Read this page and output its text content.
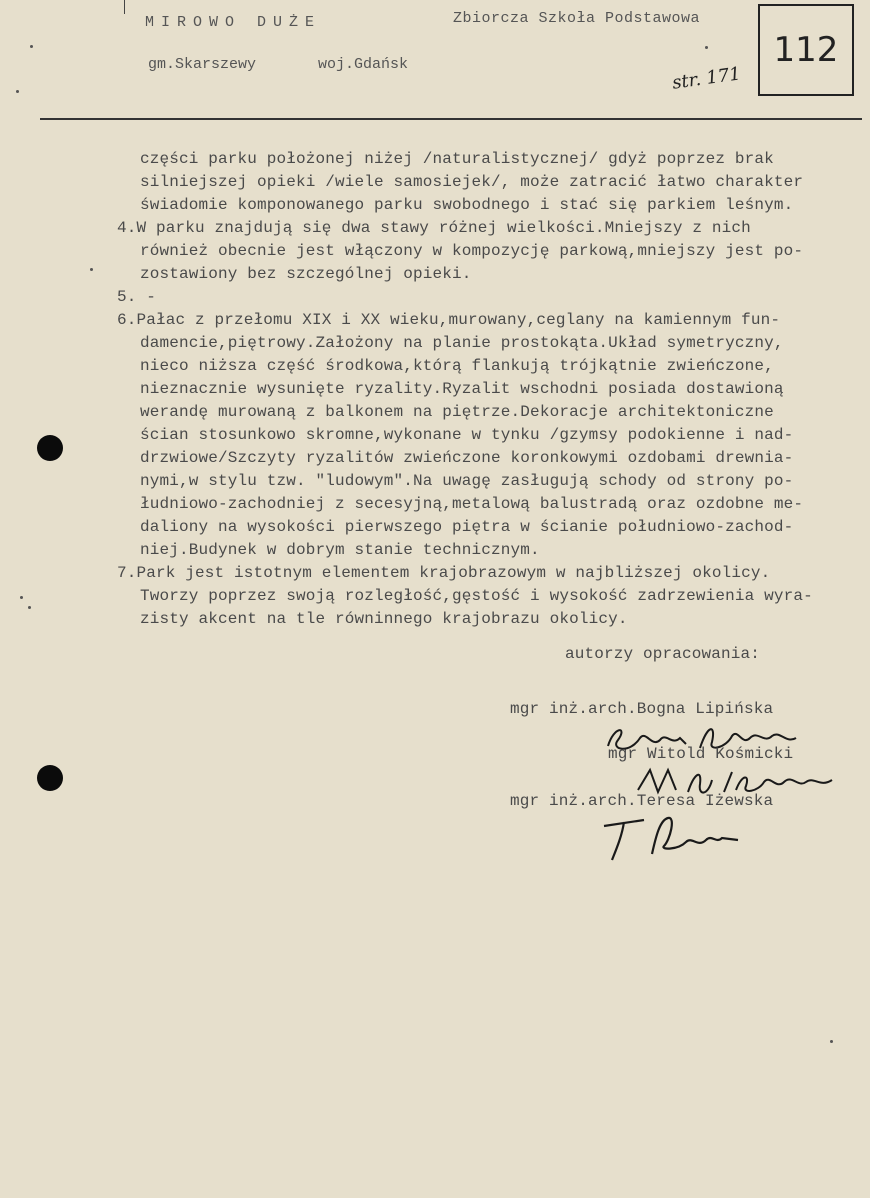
MIROWO DUŻE	Zbiorcza Szkoła Podstawowa
gm.Skarszewy	woj.Gdańsk	112
str. 171
części parku położonej niżej /naturalistycznej/ gdyż poprzez brak
silniejszej opieki /wiele samosiejek/, może zatracić łatwo charakter
świadomie komponowanego parku swobodnego i stać się parkiem leśnym.
4.W parku znajdują się dwa stawy różnej wielkości.Mniejszy z nich
również obecnie jest włączony w kompozycję parkową,mniejszy jest po-
zostawiony bez szczególnej opieki.
5. -
6.Pałac z przełomu XIX i XX wieku,murowany,ceglany na kamiennym fun-
damencie,piętrowy.Założony na planie prostokąta.Układ symetryczny,
nieco niższa część środkowa,którą flankują trójkątnie zwieńczone,
nieznacznie wysunięte ryzality.Ryzalit wschodni posiada dostawioną
werandę murowaną z balkonem na piętrze.Dekoracje architektoniczne
ścian stosunkowo skromne,wykonane w tynku /gzymsy podokienne i nad-
drzwiowe/Szczyty ryzalitów zwieńczone koronkowymi ozdobami drewnia-
nymi,w stylu tzw. "ludowym".Na uwagę zasługują schody od strony po-
łudniowo-zachodniej z secesyjną,metalową balustradą oraz ozdobne me-
daliony na wysokości pierwszego piętra w ścianie południowo-zachod-
niej.Budynek w dobrym stanie technicznym.
7.Park jest istotnym elementem krajobrazowym w najbliższej okolicy.
Tworzy poprzez swoją rozległość,gęstość i wysokość zadrzewienia wyra-
zisty akcent na tle równinnego krajobrazu okolicy.
autorzy opracowania:
mgr inż.arch.Bogna Lipińska
mgr Witold Kośmicki
mgr inż.arch.Teresa Iżewska
